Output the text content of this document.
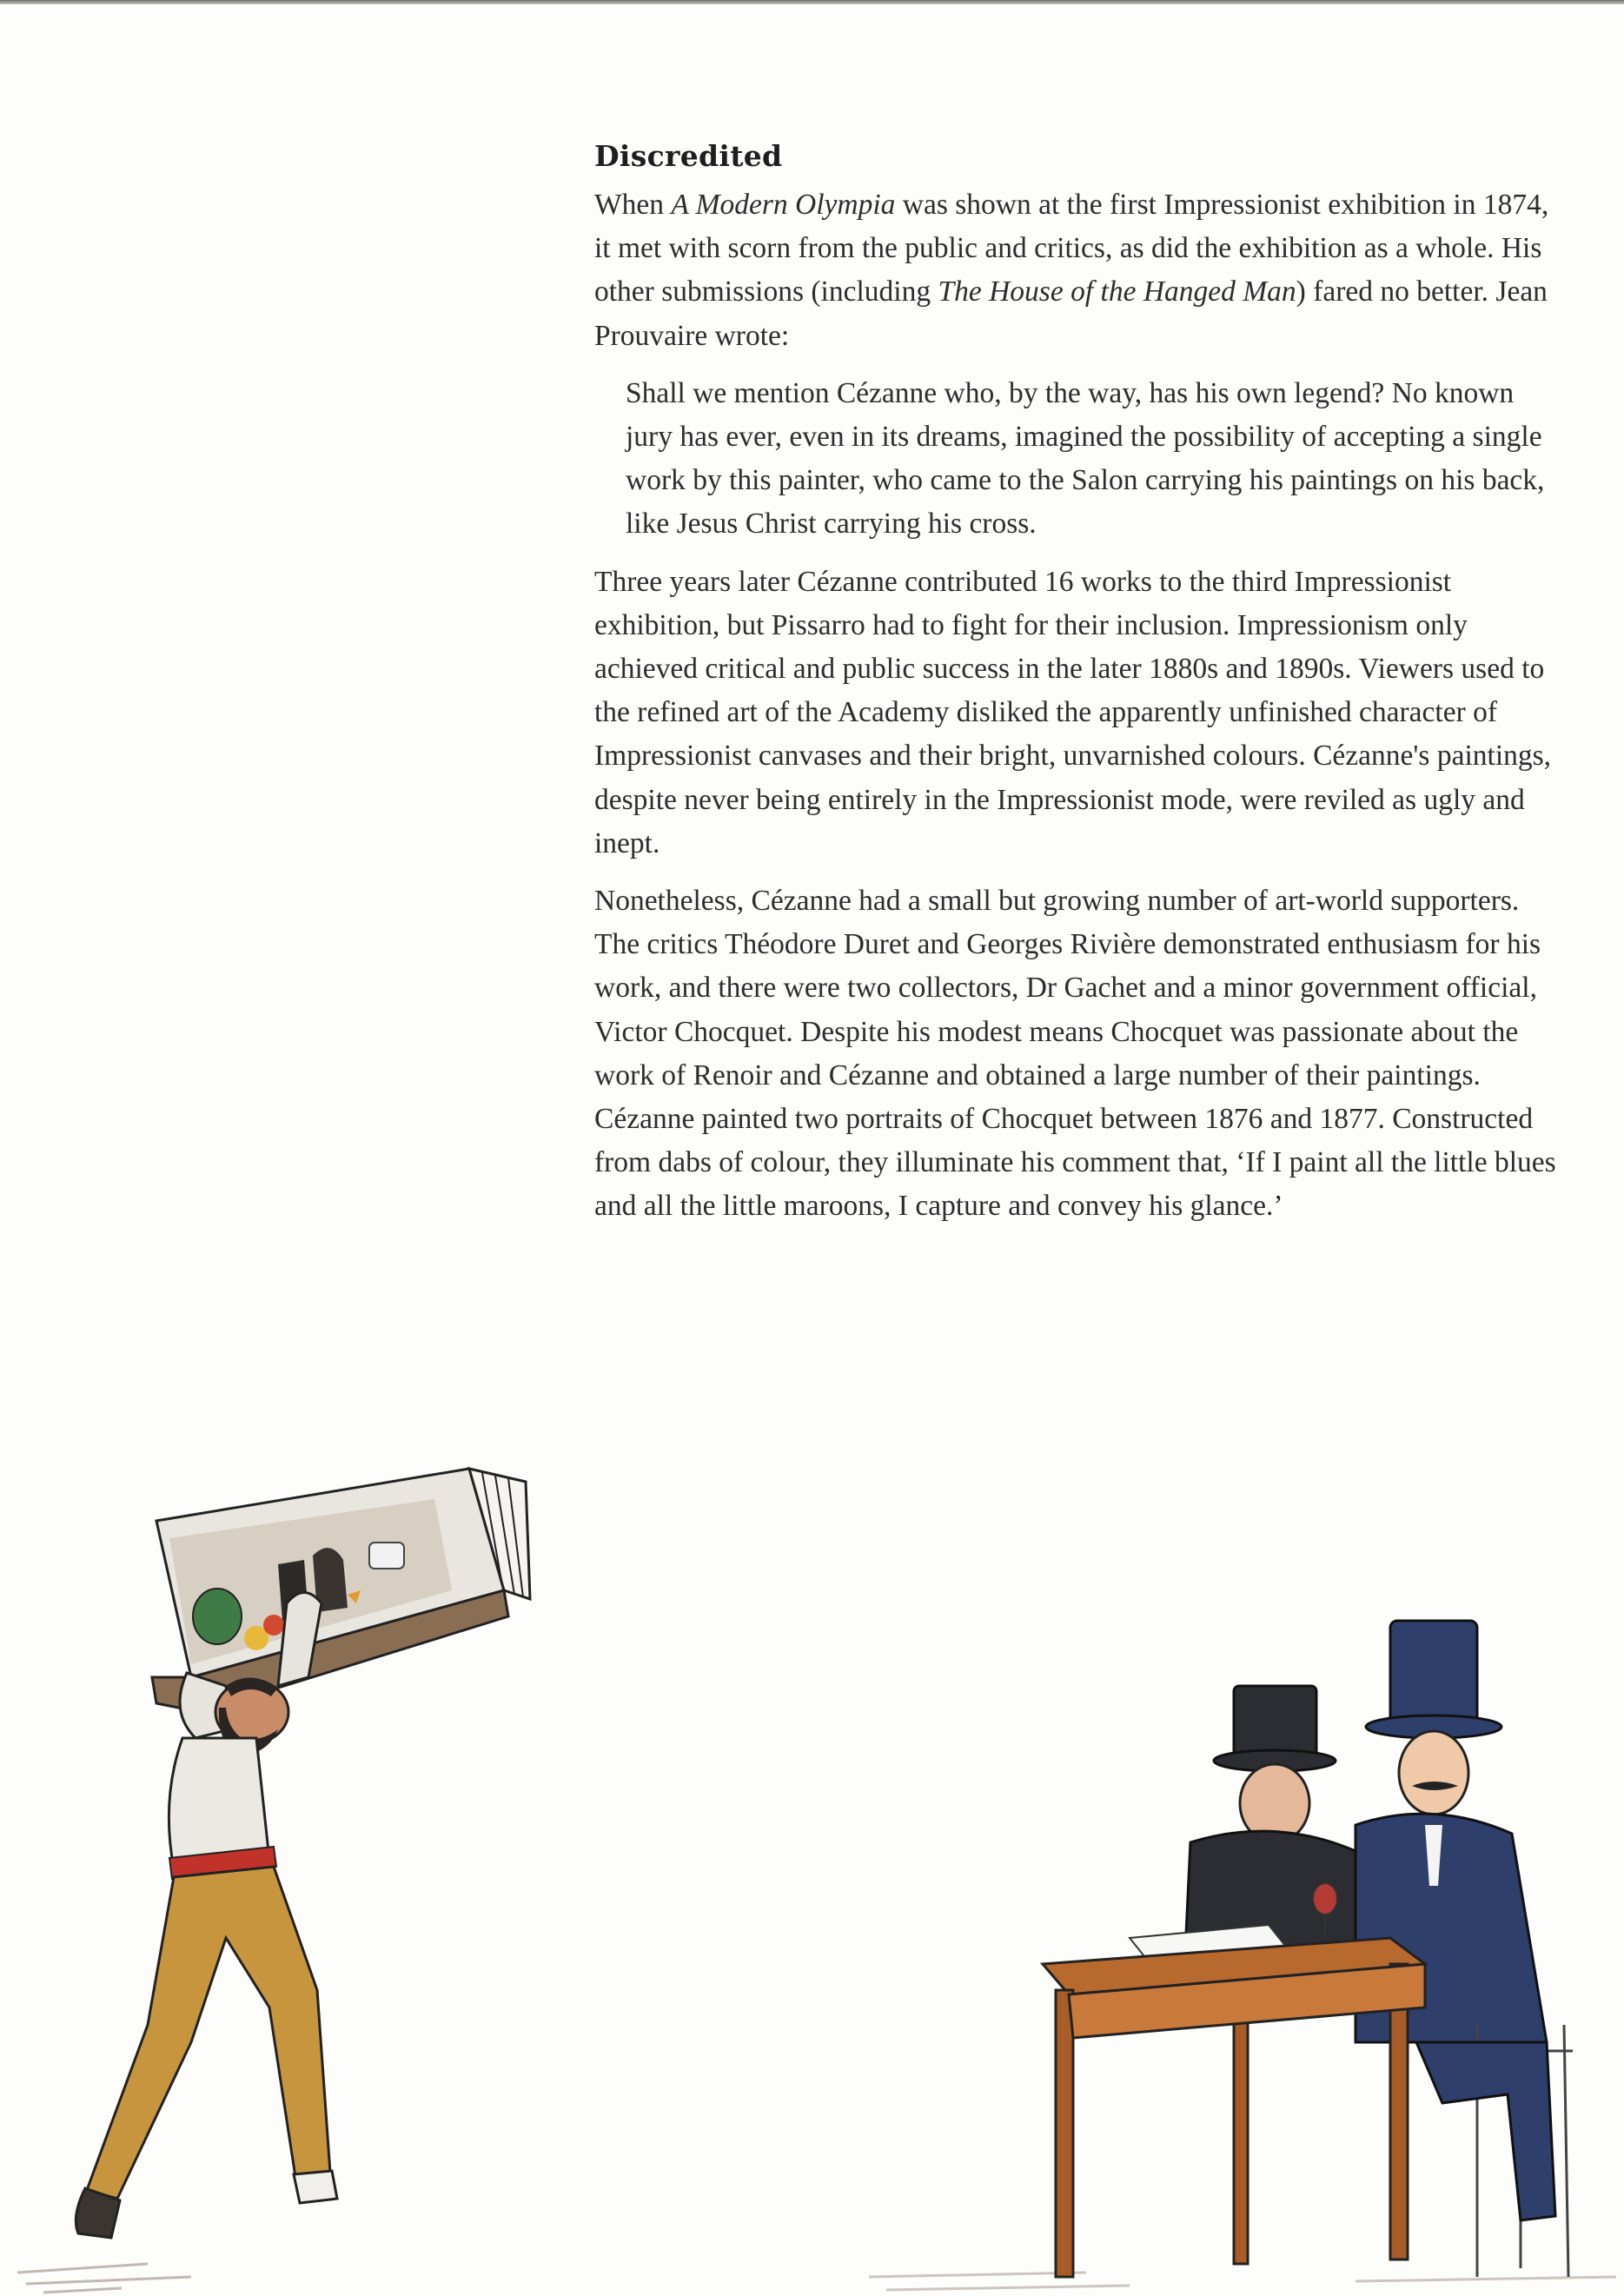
Discredited

When A Modern Olympia was shown at the first Impressionist exhibition in 1874, it met with scorn from the public and critics, as did the exhibition as a whole. His other submissions (including The House of the Hanged Man) fared no better. Jean Prouvaire wrote:

Shall we mention Cézanne who, by the way, has his own legend? No known jury has ever, even in its dreams, imagined the possibility of accepting a single work by this painter, who came to the Salon carrying his paintings on his back, like Jesus Christ carrying his cross.

Three years later Cézanne contributed 16 works to the third Impressionist exhibition, but Pissarro had to fight for their inclusion. Impressionism only achieved critical and public success in the later 1880s and 1890s. Viewers used to the refined art of the Academy disliked the apparently unfinished character of Impressionist canvases and their bright, unvarnished colours. Cézanne's paintings, despite never being entirely in the Impressionist mode, were reviled as ugly and inept.

Nonetheless, Cézanne had a small but growing number of art-world supporters. The critics Théodore Duret and Georges Rivière demonstrated enthusiasm for his work, and there were two collectors, Dr Gachet and a minor government official, Victor Chocquet. Despite his modest means Chocquet was passionate about the work of Renoir and Cézanne and obtained a large number of their paintings. Cézanne painted two portraits of Chocquet between 1876 and 1877. Constructed from dabs of colour, they illuminate his comment that, ‘If I paint all the little blues and all the little maroons, I capture and convey his glance.’
